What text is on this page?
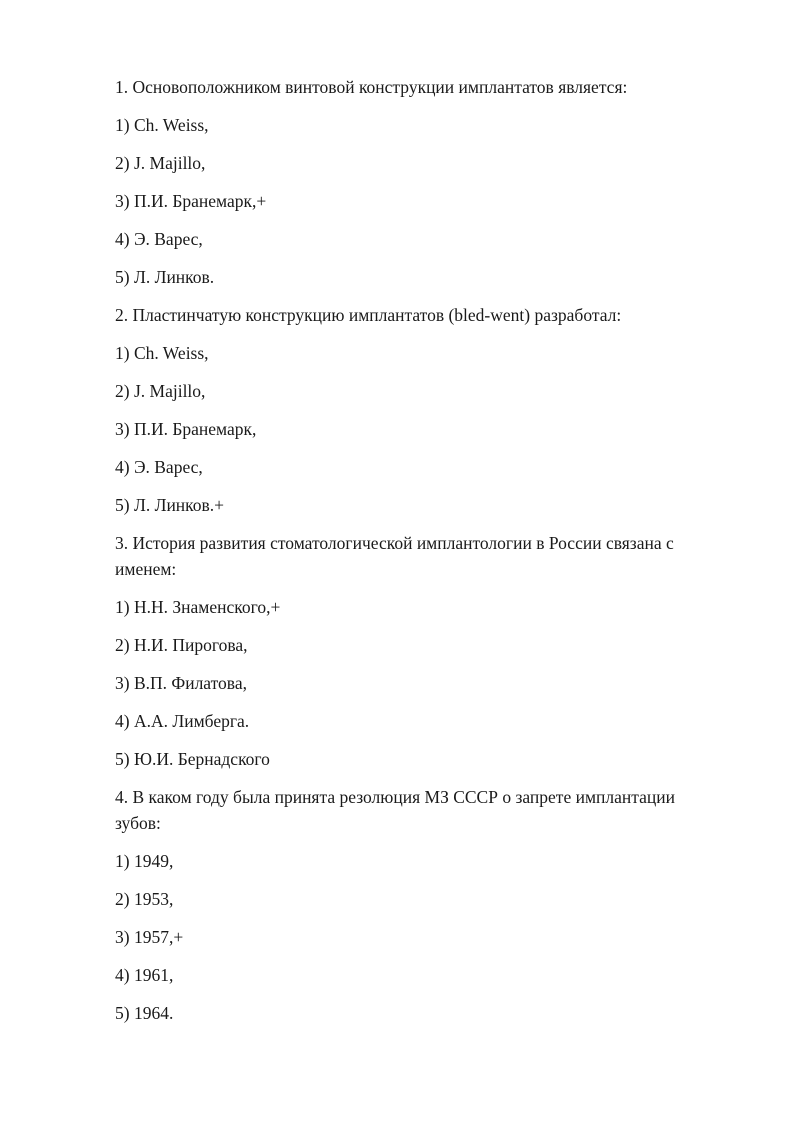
1. Основоположником винтовой конструкции имплантатов является:
1) Ch. Weiss,
2) J. Majillo,
3) П.И. Бранемарк,+
4) Э. Варес,
5) Л. Линков.
2. Пластинчатую конструкцию имплантатов (bled-went) разработал:
1) Ch. Weiss,
2) J. Majillo,
3) П.И. Бранемарк,
4) Э. Варес,
5) Л. Линков.+
3. История развития стоматологической имплантологии в России связана с именем:
1) Н.Н. Знаменского,+
2) Н.И. Пирогова,
3) В.П. Филатова,
4) А.А. Лимберга.
5) Ю.И. Бернадского
4. В каком году была принята резолюция МЗ СССР о запрете имплантации зубов:
1) 1949,
2) 1953,
3) 1957,+
4) 1961,
5) 1964.
